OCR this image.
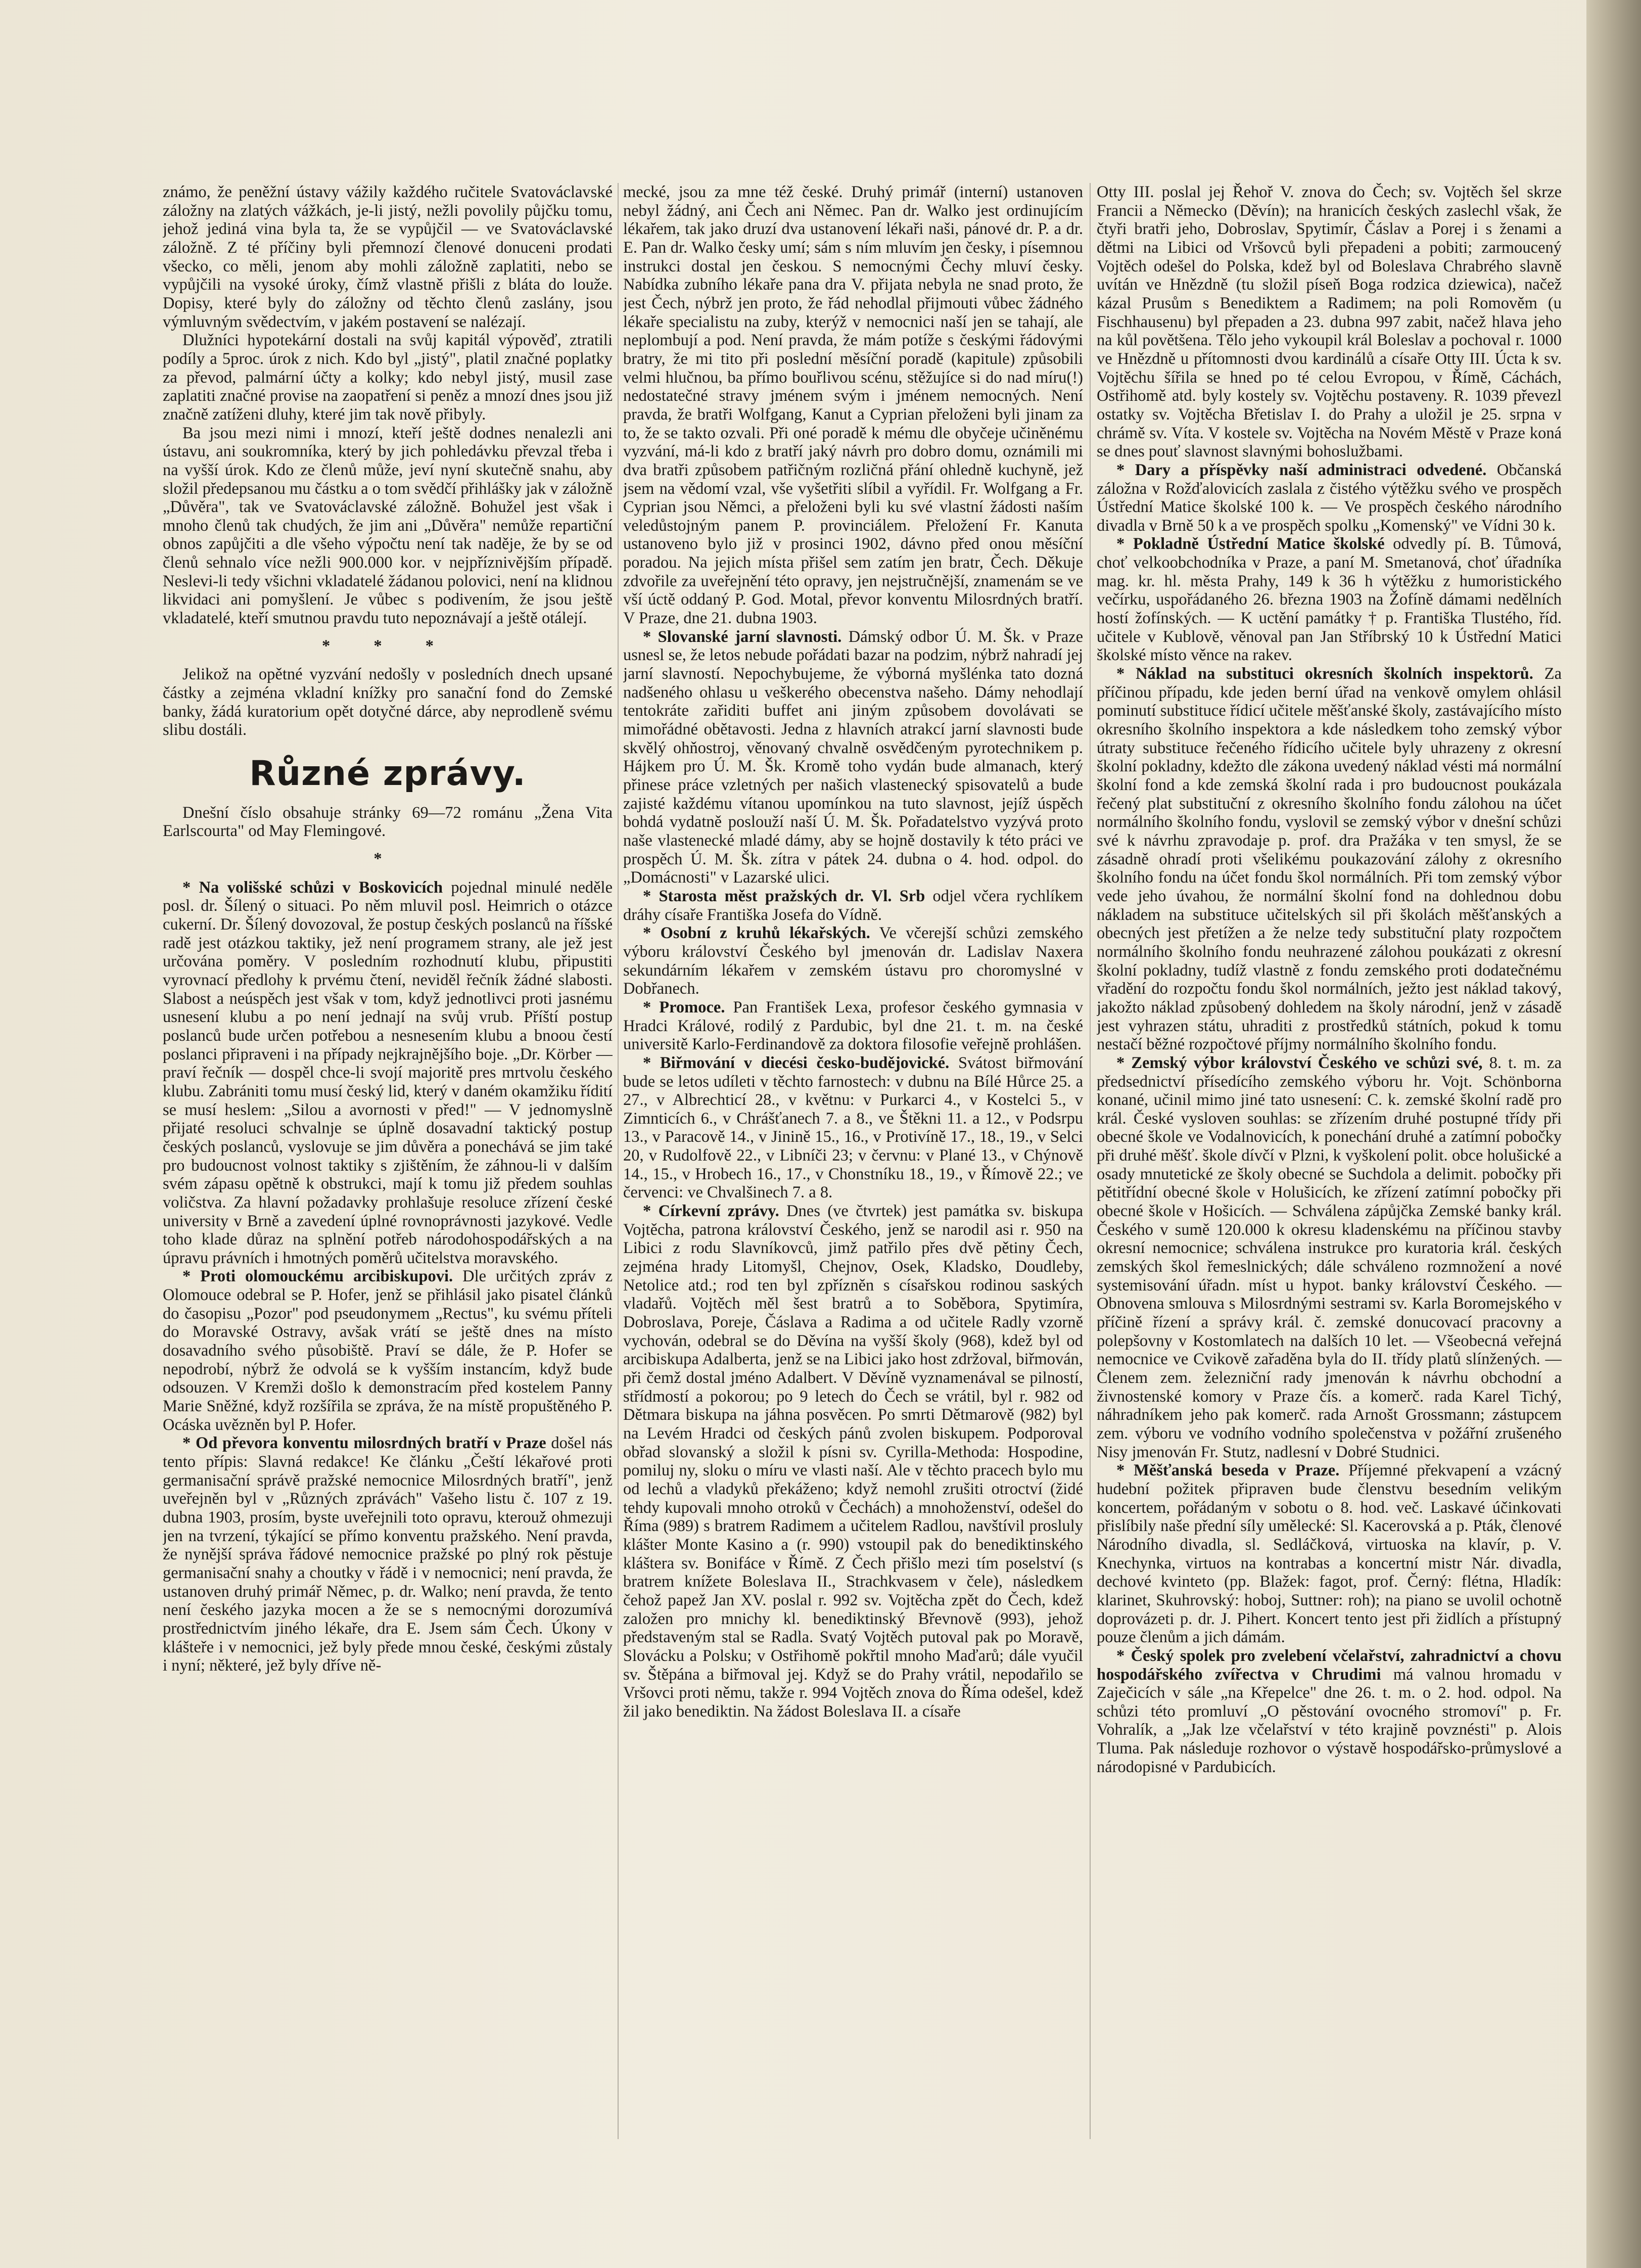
známo, že peněžní ústavy vážily každého ručitele Svatováclavské záložny na zlatých vážkách, je-li jistý, nežli povolily půjčku tomu, jehož jediná vina byla ta, že se vypůjčil — ve Svatováclavské záložně. Z té příčiny byli přemnozí členové donuceni prodati všecko, co měli, jenom aby mohli záložně zaplatiti, nebo se vypůjčili na vysoké úroky, čímž vlastně přišli z bláta do louže. Dopisy, které byly do záložny od těchto členů zaslány, jsou výmluvným svědectvím, v jakém postavení se nalézají.

Dlužníci hypotekární dostali na svůj kapitál výpověď, ztratili podíly a 5proc. úrok z nich. Kdo byl „jistý", platil značné poplatky za převod, palmární účty a kolky; kdo nebyl jistý, musil zase zaplatiti značné provise na zaopatření si peněz a mnozí dnes jsou již značně zatíženi dluhy, které jim tak nově přibyly.

Ba jsou mezi nimi i mnozí, kteří ještě dodnes nenalezli ani ústavu, ani soukromníka, který by jich pohledávku převzal třeba i na vyšší úrok. Kdo ze členů může, jeví nyní skutečně snahu, aby složil předepsanou mu částku a o tom svědčí přihlášky jak v záložně „Důvěra", tak ve Svatováclavské záložně. Bohužel jest však i mnoho členů tak chudých, že jim ani „Důvěra" nemůže repartiční obnos zapůjčiti a dle všeho výpočtu není tak naděje, že by se od členů sehnalo více nežli 900.000 kor. v nejpříznivějším případě. Neslevi-li tedy všichni vkladatelé žádanou polovici, není na klidnou likvidaci ani pomyšlení. Je vůbec s podivením, že jsou ještě vkladatelé, kteří smutnou pravdu tuto nepoznávají a ještě otálejí.

* * *

Jelikož na opětné vyzvání nedošly v posledních dnech upsané částky a zejména vkladní knížky pro sanační fond do Zemské banky, žádá kuratorium opět dotyčné dárce, aby neprodleně svému slibu dostáli.

Různé zprávy.

Dnešní číslo obsahuje stránky 69—72 románu „Žena Vita Earlscourta" od May Flemingové.

*

* Na volišské schůzi v Boskovicích pojednal minulé neděle posl. dr. Šílený o situaci. Po něm mluvil posl. Heimrich o otázce cukerní. Dr. Šílený dovozoval, že postup českých poslanců na říšské radě jest otázkou taktiky, jež není programem strany, ale jež jest určována poměry. V posledním rozhodnutí klubu, připustiti vyrovnací předlohy k prvému čtení, neviděl řečník žádné slabosti. Slabost a neúspěch jest však v tom, když jednotlivci proti jasnému usnesení klubu a po není jednají na svůj vrub. Příští postup poslanců bude určen potřebou a nesnesením klubu a bnoou čestí poslanci připraveni i na případy nejkrajnějšího boje. „Dr. Körber — praví řečník — dospěl chce-li svojí majoritě pres mrtvolu českého klubu. Zabrániti tomu musí český lid, který v daném okamžiku řídití se musí heslem: „Silou a avornosti v před!" — V jednomyslně přijaté resoluci schvalnje se úplně dosavadní taktický postup českých poslanců, vyslovuje se jim důvěra a ponechává se jim také pro budoucnost volnost taktiky s zjištěním, že záhnou-li v dalším svém zápasu opětně k obstrukci, mají k tomu již předem souhlas voličstva. Za hlavní požadavky prohlašuje resoluce zřízení české university v Brně a zavedení úplné rovnoprávnosti jazykové. Vedle toho klade důraz na splnění potřeb národohospodářských a na úpravu právních i hmotných poměrů učitelstva moravského.

* Proti olomouckému arcibiskupovi. Dle určitých zpráv z Olomouce odebral se P. Hofer, jenž se přihlásil jako pisatel článků do časopisu „Pozor" pod pseudonymem „Rectus", ku svému příteli do Moravské Ostravy, avšak vrátí se ještě dnes na místo dosavadního svého působiště. Praví se dále, že P. Hofer se nepodrobí, nýbrž že odvolá se k vyšším instancím, když bude odsouzen. V Kremži došlo k demonstracím před kostelem Panny Marie Sněžné, když rozšířila se zpráva, že na místě propuštěného P. Ocáska uvězněn byl P. Hofer.

* Od převora konventu milosrdných bratří v Praze došel nás tento přípis: Slavná redakce! Ke článku „Čeští lékařové proti germanisační správě pražské nemocnice Milosrdných bratří", jenž uveřejněn byl v „Různých zprávách" Vašeho listu č. 107 z 19. dubna 1903, prosím, byste uveřejnili toto opravu, kterouž ohmezuji jen na tvrzení, týkající se přímo konventu pražského. Není pravda, že nynější správa řádové nemocnice pražské po plný rok pěstuje germanisační snahy a choutky v řádě i v nemocnici; není pravda, že ustanoven druhý primář Němec, p. dr. Walko; není pravda, že tento není českého jazyka mocen a že se s nemocnými dorozumívá prostřednictvím jiného lékaře, dra E. Jsem sám Čech. Úkony v klášteře i v nemocnici, jež byly přede mnou české, českými zůstaly i nyní; některé, jež byly dříve ně-

mecké, jsou za mne též české. Druhý primář (interní) ustanoven nebyl žádný, ani Čech ani Němec. Pan dr. Walko jest ordinujícím lékařem, tak jako druzí dva ustanovení lékaři naši, pánové dr. P. a dr. E. Pan dr. Walko česky umí; sám s ním mluvím jen česky, i písemnou instrukci dostal jen českou. S nemocnými Čechy mluví česky. Nabídka zubního lékaře pana dra V. přijata nebyla ne snad proto, že jest Čech, nýbrž jen proto, že řád nehodlal přijmouti vůbec žádného lékaře specialistu na zuby, kterýž v nemocnici naší jen se tahají, ale neplombují a pod. Není pravda, že mám potíže s českými řádovými bratry, že mi tito při poslední měsíční poradě (kapitule) způsobili velmi hlučnou, ba přímo bouřlivou scénu, stěžujíce si do nad míru(!) nedostatečné stravy jménem svým i jménem nemocných. Není pravda, že bratři Wolfgang, Kanut a Cyprian přeloženi byli jinam za to, že se takto ozvali. Při oné poradě k mému dle obyčeje učiněnému vyzvání, má-li kdo z bratří jaký návrh pro dobro domu, oznámili mi dva bratři způsobem patřičným rozličná přání ohledně kuchyně, jež jsem na vědomí vzal, vše vyšetřiti slíbil a vyřídil. Fr. Wolfgang a Fr. Cyprian jsou Němci, a přeloženi byli ku své vlastní žádosti naším veledůstojným panem P. provinciálem. Přeložení Fr. Kanuta ustanoveno bylo již v prosinci 1902, dávno před onou měsíční poradou. Na jejich místa přišel sem zatím jen bratr, Čech. Děkuje zdvořile za uveřejnění této opravy, jen nejstručnější, znamenám se ve vší úctě oddaný P. God. Motal, převor konventu Milosrdných bratří. V Praze, dne 21. dubna 1903.

* Slovanské jarní slavnosti. Dámský odbor Ú. M. Šk. v Praze usnesl se, že letos nebude pořádati bazar na podzim, nýbrž nahradí jej jarní slavností. Nepochybujeme, že výborná myšlénka tato dozná nadšeného ohlasu u veškerého obecenstva našeho. Dámy nehodlají tentokráte zařiditi buffet ani jiným způsobem dovolávati se mimořádné obětavosti. Jedna z hlavních atrakcí jarní slavnosti bude skvělý ohňostroj, věnovaný chvalně osvědčeným pyrotechnikem p. Hájkem pro Ú. M. Šk. Kromě toho vydán bude almanach, který přinese práce vzletných per našich vlastenecký spisovatelů a bude zajisté každému vítanou upomínkou na tuto slavnost, jejíž úspěch bohdá vydatně poslouží naší Ú. M. Šk. Pořadatelstvo vyzývá proto naše vlastenecké mladé dámy, aby se hojně dostavily k této práci ve prospěch Ú. M. Šk. zítra v pátek 24. dubna o 4. hod. odpol. do „Domácnosti" v Lazarské ulici.

* Starosta měst pražských dr. Vl. Srb odjel včera rychlíkem dráhy císaře Františka Josefa do Vídně.

* Osobní z kruhů lékařských. Ve včerejší schůzi zemského výboru království Českého byl jmenován dr. Ladislav Naxera sekundárním lékařem v zemském ústavu pro choromyslné v Dobřanech.

* Promoce. Pan František Lexa, profesor českého gymnasia v Hradci Králové, rodilý z Pardubic, byl dne 21. t. m. na české universitě Karlo-Ferdinandově za doktora filosofie veřejně prohlášen.

* Biřmování v diecési česko-budějovické. Svátost biřmování bude se letos udíleti v těchto farnostech: v dubnu na Bílé Hůrce 25. a 27., v Albrechticí 28., v květnu: v Purkarci 4., v Kostelci 5., v Zimnticích 6., v Chrášťanech 7. a 8., ve Štěkni 11. a 12., v Podsrpu 13., v Paracově 14., v Jinině 15., 16., v Protivíně 17., 18., 19., v Selci 20, v Rudolfově 22., v Libníči 23; v červnu: v Plané 13., v Chýnově 14., 15., v Hrobech 16., 17., v Chonstníku 18., 19., v Římově 22.; ve červenci: ve Chvalšinech 7. a 8.

* Církevní zprávy. Dnes (ve čtvrtek) jest památka sv. biskupa Vojtěcha, patrona království Českého, jenž se narodil asi r. 950 na Libici z rodu Slavníkovců, jimž patřilo přes dvě pětiny Čech, zejména hrady Litomyšl, Chejnov, Osek, Kladsko, Doudleby, Netolice atd.; rod ten byl zpřízněn s císařskou rodinou saských vladařů. Vojtěch měl šest bratrů a to Soběbora, Spytimíra, Dobroslava, Poreje, Čáslava a Radima a od učitele Radly vzorně vychován, odebral se do Děvína na vyšší školy (968), kdež byl od arcibiskupa Adalberta, jenž se na Libici jako host zdržoval, biřmován, při čemž dostal jméno Adalbert. V Děvíně vyznamenával se pilností, střídmostí a pokorou; po 9 letech do Čech se vrátil, byl r. 982 od Dětmara biskupa na jáhna posvěcen. Po smrti Dětmarově (982) byl na Levém Hradci od českých pánů zvolen biskupem. Podporoval obřad slovanský a složil k písni sv. Cyrilla-Methoda: Hospodine, pomiluj ny, sloku o míru ve vlasti naší. Ale v těchto pracech bylo mu od lechů a vladyků překáženo; když nemohl zrušiti otroctví (židé tehdy kupovali mnoho otroků v Čechách) a mnohoženství, odešel do Říma (989) s bratrem Radimem a učitelem Radlou, navštívil prosluly klášter Monte Kasino a (r. 990) vstoupil pak do benediktinského kláštera sv. Bonifáce v Římě. Z Čech přišlo mezi tím poselství (s bratrem knížete Boleslava II., Strachkvasem v čele), následkem čehož papež Jan XV. poslal r. 992 sv. Vojtěcha zpět do Čech, kdež založen pro mnichy kl. benediktinský Břevnově (993), jehož představeným stal se Radla. Svatý Vojtěch putoval pak po Moravě, Slovácku a Polsku; v Ostřihomě pokřtil mnoho Maďarů; dále vyučil sv. Štěpána a biřmoval jej. Když se do Prahy vrátil, nepodařilo se Vršovci proti němu, takže r. 994 Vojtěch znova do Říma odešel, kdež žil jako benediktin. Na žádost Boleslava II. a císaře

Otty III. poslal jej Řehoř V. znova do Čech; sv. Vojtěch šel skrze Francii a Německo (Děvín); na hranicích českých zaslechl však, že čtyři bratři jeho, Dobroslav, Spytimír, Čáslav a Porej i s ženami a dětmi na Libici od Vršovců byli přepadeni a pobiti; zarmoucený Vojtěch odešel do Polska, kdež byl od Boleslava Chrabrého slavně uvítán ve Hnězdně (tu složil píseň Boga rodzica dziewica), načež kázal Prusům s Benediktem a Radimem; na poli Romověm (u Fischhausenu) byl přepaden a 23. dubna 997 zabit, načež hlava jeho na kůl povětšena. Tělo jeho vykoupil král Boleslav a pochoval r. 1000 ve Hnězdně u přítomnosti dvou kardinálů a císaře Otty III. Úcta k sv. Vojtěchu šířila se hned po té celou Evropou, v Římě, Cáchách, Ostřihomě atd. byly kostely sv. Vojtěchu postaveny. R. 1039 převezl ostatky sv. Vojtěcha Břetislav I. do Prahy a uložil je 25. srpna v chrámě sv. Víta. V kostele sv. Vojtěcha na Novém Městě v Praze koná se dnes pouť slavnost slavnými bohoslužbami.

* Dary a příspěvky naší administraci odvedené. Občanská záložna v Rožďalovicích zaslala z čistého výtěžku svého ve prospěch Ústřední Matice školské 100 k. — Ve prospěch českého národního divadla v Brně 50 k a ve prospěch spolku „Komenský" ve Vídni 30 k.

* Pokladně Ústřední Matice školské odvedly pí. B. Tůmová, choť velkoobchodníka v Praze, a paní M. Smetanová, choť úřadníka mag. kr. hl. města Prahy, 149 k 36 h výtěžku z humoristického večírku, uspořádaného 26. března 1903 na Žofíně dámami nedělních hostí žofínských. — K uctění památky † p. Františka Tlustého, říd. učitele v Kublově, věnoval pan Jan Stříbrský 10 k Ústřední Matici školské místo věnce na rakev.

* Náklad na substituci okresních školních inspektorů. Za příčinou případu, kde jeden berní úřad na venkově omylem ohlásil pominutí substituce řídicí učitele měšťanské školy, zastávajícího místo okresního školního inspektora a kde následkem toho zemský výbor útraty substituce řečeného řídicího učitele byly uhrazeny z okresní školní pokladny, kdežto dle zákona uvedený náklad vésti má normální školní fond a kde zemská školní rada i pro budoucnost poukázala řečený plat substituční z okresního školního fondu zálohou na účet normálního školního fondu, vyslovil se zemský výbor v dnešní schůzi své k návrhu zpravodaje p. prof. dra Pražáka v ten smysl, že se zásadně ohradí proti všelikému poukazování zálohy z okresního školního fondu na účet fondu škol normálních. Při tom zemský výbor vede jeho úvahou, že normální školní fond na dohlednou dobu nákladem na substituce učitelských sil při školách měšťanských a obecných jest přetížen a že nelze tedy substituční platy rozpočtem normálního školního fondu neuhrazené zálohou poukázati z okresní školní pokladny, tudíž vlastně z fondu zemského proti dodatečnému vřadění do rozpočtu fondu škol normálních, ježto jest náklad takový, jakožto náklad způsobený dohledem na školy národní, jenž v zásadě jest vyhrazen státu, uhraditi z prostředků státních, pokud k tomu nestačí běžné rozpočtové příjmy normálního školního fondu.

* Zemský výbor království Českého ve schůzi své, 8. t. m. za předsednictví přísedícího zemského výboru hr. Vojt. Schönborna konané, učinil mimo jiné tato usnesení: C. k. zemské školní radě pro král. České vysloven souhlas: se zřízením druhé postupné třídy při obecné škole ve Vodalnovicích, k ponechání druhé a zatímní pobočky při druhé měšť. škole dívčí v Plzni, k vyškolení polit. obce holušické a osady mnutetické ze školy obecné se Suchdola a delimit. pobočky při pětitřídní obecné škole v Holušicích, ke zřízení zatímní pobočky při obecné škole v Hošicích. — Schválena zápůjčka Zemské banky král. Českého v sumě 120.000 k okresu kladenskému na příčinou stavby okresní nemocnice; schválena instrukce pro kuratoria král. českých zemských škol řemeslnických; dále schváleno rozmnožení a nové systemisování úřadn. míst u hypot. banky království Českého. — Obnovena smlouva s Milosrdnými sestrami sv. Karla Boromejského v příčině řízení a správy král. č. zemské donucovací pracovny a polepšovny v Kostomlatech na dalších 10 let. — Všeobecná veřejná nemocnice ve Cvikově zařaděna byla do II. třídy platů slínžených. — Členem zem. železniční rady jmenován k návrhu obchodní a živnostenské komory v Praze čís. a komerč. rada Karel Tichý, náhradníkem jeho pak komerč. rada Arnošt Grossmann; zástupcem zem. výboru ve vodního vodního společenstva v požářní zrušeného Nisy jmenován Fr. Stutz, nadlesní v Dobré Studnici.

* Měšťanská beseda v Praze. Příjemné překvapení a vzácný hudební požitek připraven bude členstvu besedním velikým koncertem, pořádaným v sobotu o 8. hod. več. Laskavé účinkovati přislíbily naše přední síly umělecké: Sl. Kacerovská a p. Pták, členové Národního divadla, sl. Sedláčková, virtuoska na klavír, p. V. Knechynka, virtuos na kontrabas a koncertní mistr Nár. divadla, dechové kvinteto (pp. Blažek: fagot, prof. Černý: flétna, Hladík: klarinet, Skuhrovský: hoboj, Suttner: roh); na piano se uvolil ochotně doprovázeti p. dr. J. Pihert. Koncert tento jest při židlích a přístupný pouze členům a jich dámám.

* Český spolek pro zvelebení včelařství, zahradnictví a chovu hospodářského zvířectva v Chrudimi má valnou hromadu v Zaječicích v sále „na Křepelce" dne 26. t. m. o 2. hod. odpol. Na schůzi této promluví „O pěstování ovocného stromoví" p. Fr. Vohralík, a „Jak lze včelařství v této krajině povznésti" p. Alois Tluma. Pak následuje rozhovor o výstavě hospodářsko-průmyslové a národopisné v Pardubicích.
